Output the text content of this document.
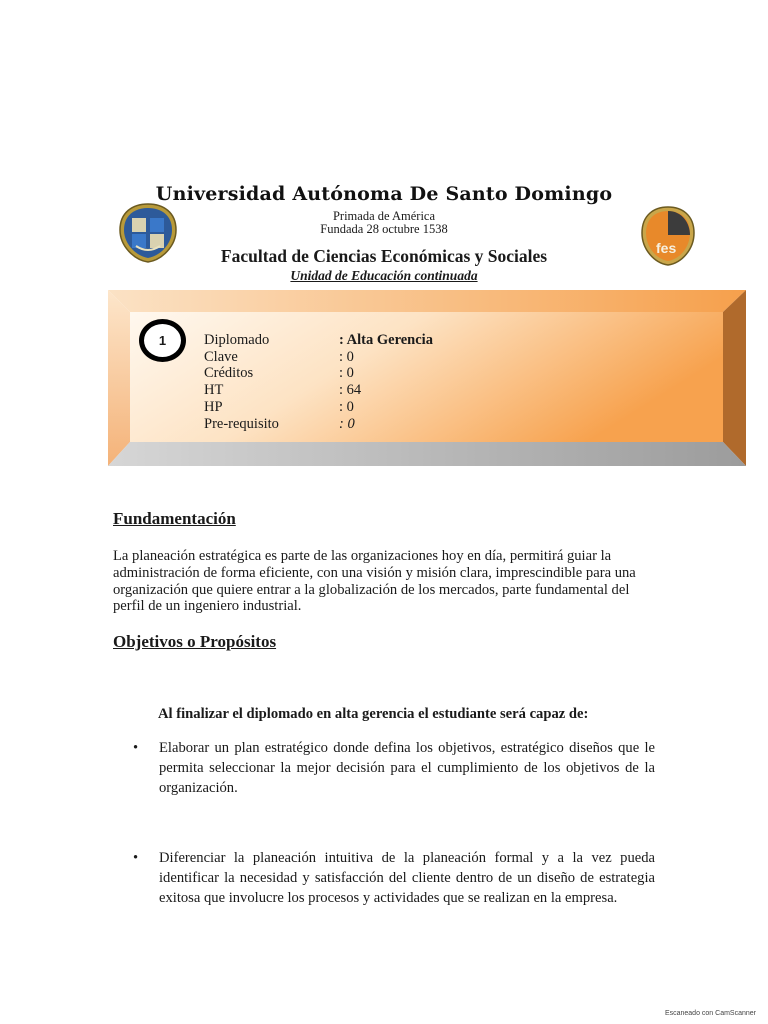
Universidad Autónoma De Santo Domingo
Primada de América
Fundada 28 octubre 1538
Facultad de Ciencias Económicas y Sociales
Unidad de Educación continuada
fes
1	Diplomado	: Alta Gerencia
Clave	: 0
Créditos	: 0
HT	: 64
HP	: 0
Pre-requisito	: 0
Fundamentación
La planeación estratégica es parte de las organizaciones hoy en día, permitirá guiar la administración de forma eficiente, con una visión y misión clara, imprescindible para una organización que quiere entrar a la globalización de los mercados, parte fundamental del perfil de un ingeniero industrial.
Objetivos o Propósitos
Al finalizar el diplomado en alta gerencia el estudiante será capaz de:
• Elaborar un plan estratégico donde defina los objetivos, estratégico diseños que le permita seleccionar la mejor decisión para el cumplimiento de los objetivos de la organización.
• Diferenciar la planeación intuitiva de la planeación formal y a la vez pueda identificar la necesidad y satisfacción del cliente dentro de un diseño de estrategia exitosa que involucre los procesos y actividades que se realizan en la empresa.
Escaneado con CamScanner
